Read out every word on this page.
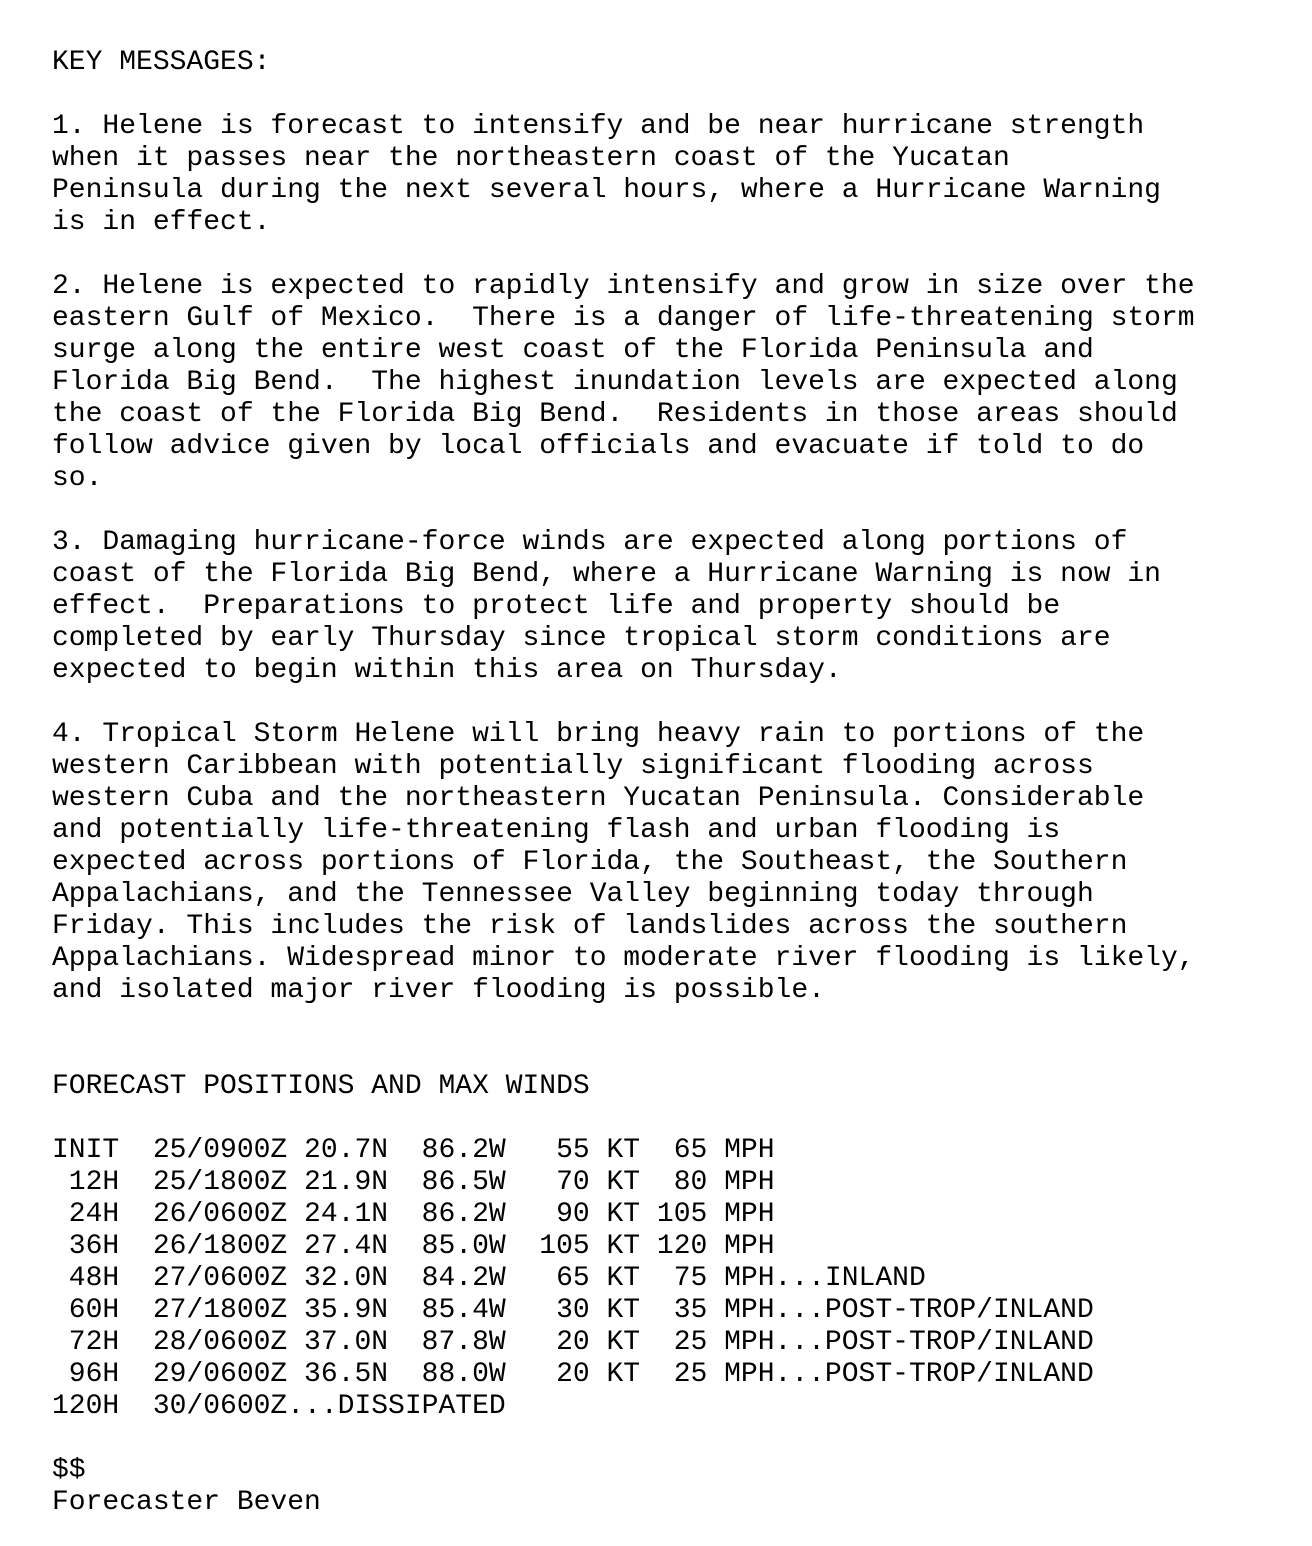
KEY MESSAGES:
1. Helene is forecast to intensify and be near hurricane strength
when it passes near the northeastern coast of the Yucatan
Peninsula during the next several hours, where a Hurricane Warning
is in effect.
2. Helene is expected to rapidly intensify and grow in size over the
eastern Gulf of Mexico.  There is a danger of life-threatening storm
surge along the entire west coast of the Florida Peninsula and
Florida Big Bend.  The highest inundation levels are expected along
the coast of the Florida Big Bend.  Residents in those areas should
follow advice given by local officials and evacuate if told to do
so.
3. Damaging hurricane-force winds are expected along portions of
coast of the Florida Big Bend, where a Hurricane Warning is now in
effect.  Preparations to protect life and property should be
completed by early Thursday since tropical storm conditions are
expected to begin within this area on Thursday.
4. Tropical Storm Helene will bring heavy rain to portions of the
western Caribbean with potentially significant flooding across
western Cuba and the northeastern Yucatan Peninsula. Considerable
and potentially life-threatening flash and urban flooding is
expected across portions of Florida, the Southeast, the Southern
Appalachians, and the Tennessee Valley beginning today through
Friday. This includes the risk of landslides across the southern
Appalachians. Widespread minor to moderate river flooding is likely,
and isolated major river flooding is possible.
FORECAST POSITIONS AND MAX WINDS
INIT  25/0900Z 20.7N  86.2W   55 KT  65 MPH
12H  25/1800Z 21.9N  86.5W   70 KT  80 MPH
24H  26/0600Z 24.1N  86.2W   90 KT 105 MPH
36H  26/1800Z 27.4N  85.0W  105 KT 120 MPH
48H  27/0600Z 32.0N  84.2W   65 KT  75 MPH...INLAND
60H  27/1800Z 35.9N  85.4W   30 KT  35 MPH...POST-TROP/INLAND
72H  28/0600Z 37.0N  87.8W   20 KT  25 MPH...POST-TROP/INLAND
96H  29/0600Z 36.5N  88.0W   20 KT  25 MPH...POST-TROP/INLAND
120H  30/0600Z...DISSIPATED
$$
Forecaster Beven
